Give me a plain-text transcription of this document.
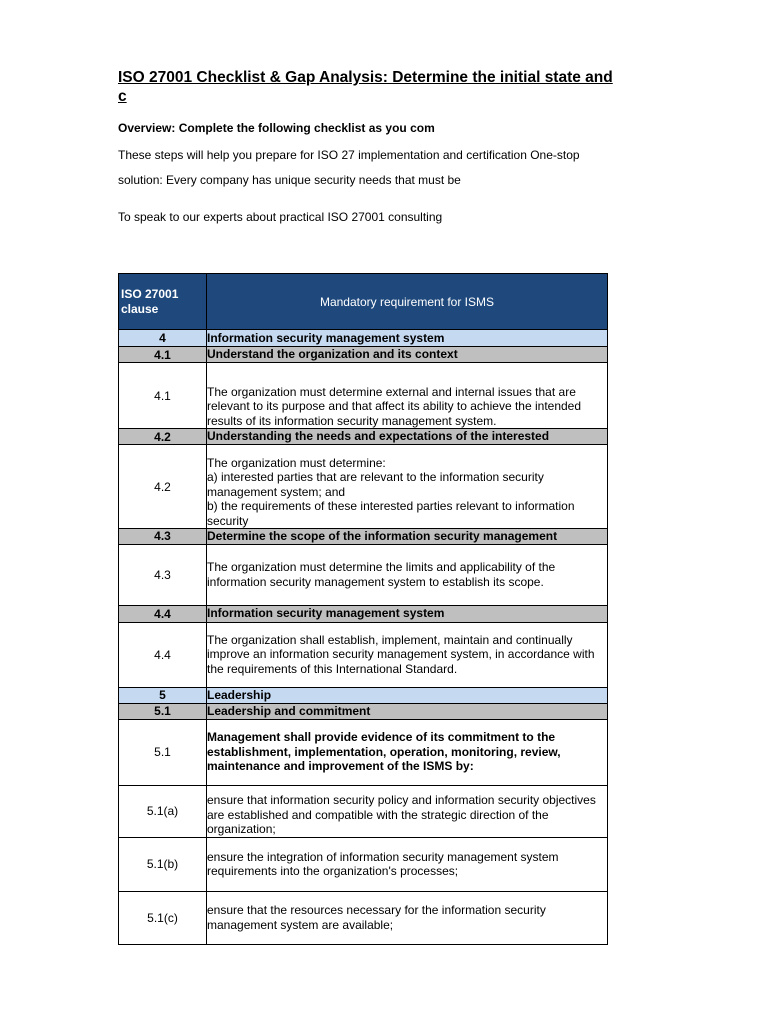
ISO 27001 Checklist & Gap Analysis: Determine the initial state and c

Overview: Complete the following checklist as you com

These steps will help you prepare for ISO 27 implementation and certification One-stop solution: Every company has unique security needs that must be

To speak to our experts about practical ISO 27001 consulting

ISO 27001 clause	Mandatory requirement for ISMS
4	Information security management system
4.1	Understand the organization and its context
4.1	The organization must determine external and internal issues that are relevant to its purpose and that affect its ability to achieve the intended results of its information security management system.
4.2	Understanding the needs and expectations of the interested
4.2	The organization must determine:
a) interested parties that are relevant to the information security management system; and
b) the requirements of these interested parties relevant to information security

4.3	Determine the scope of the information security management
4.3	The organization must determine the limits and applicability of the information security management system to establish its scope.
4.4	Information security management system
4.4	The organization shall establish, implement, maintain and continually improve an information security management system, in accordance with the requirements of this International Standard.
5	Leadership
5.1	Leadership and commitment
5.1	Management shall provide evidence of its commitment to the establishment, implementation, operation, monitoring, review, maintenance and improvement of the ISMS by:
5.1(a)	ensure that information security policy and information security objectives are established and compatible with the strategic direction of the organization;
5.1(b)	ensure the integration of information security management system requirements into the organization's processes;
5.1(c)	ensure that the resources necessary for the information security management system are available;
